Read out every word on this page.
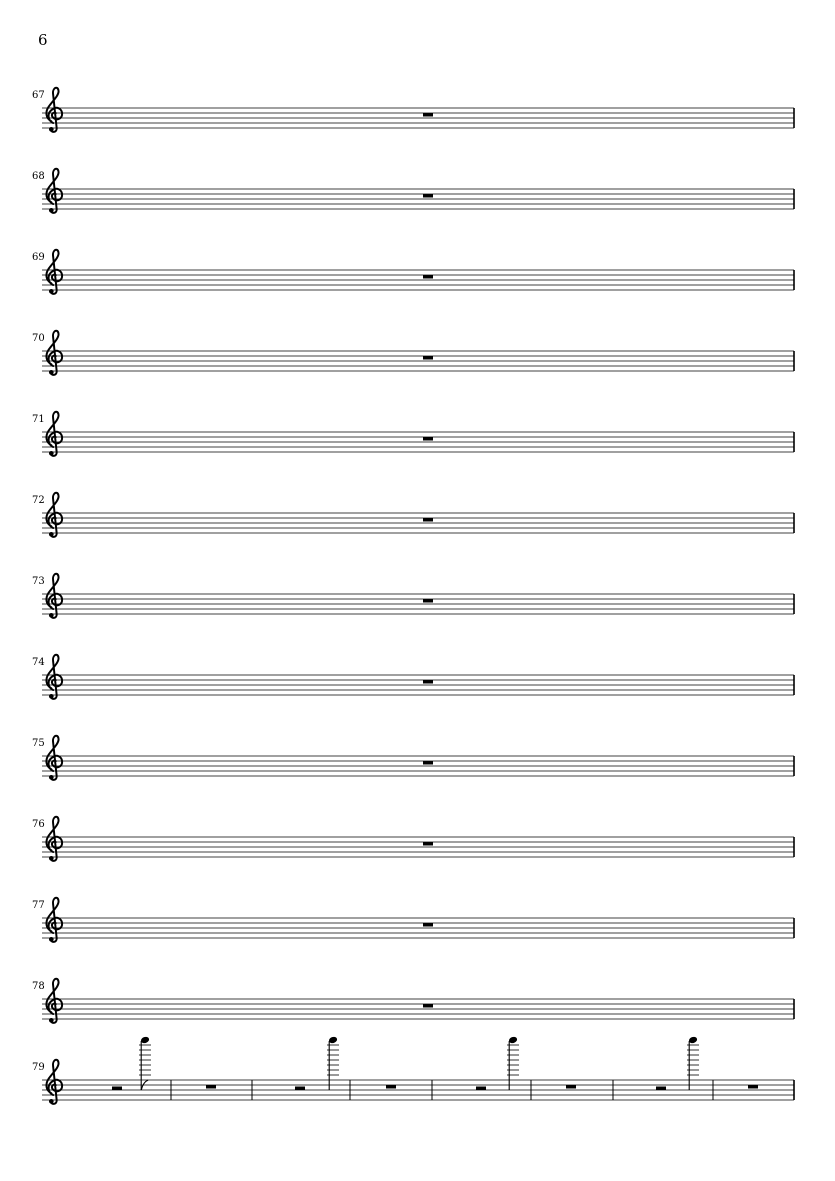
6
67
68
69
70
71
72
73
74
75
76
77
78
79
